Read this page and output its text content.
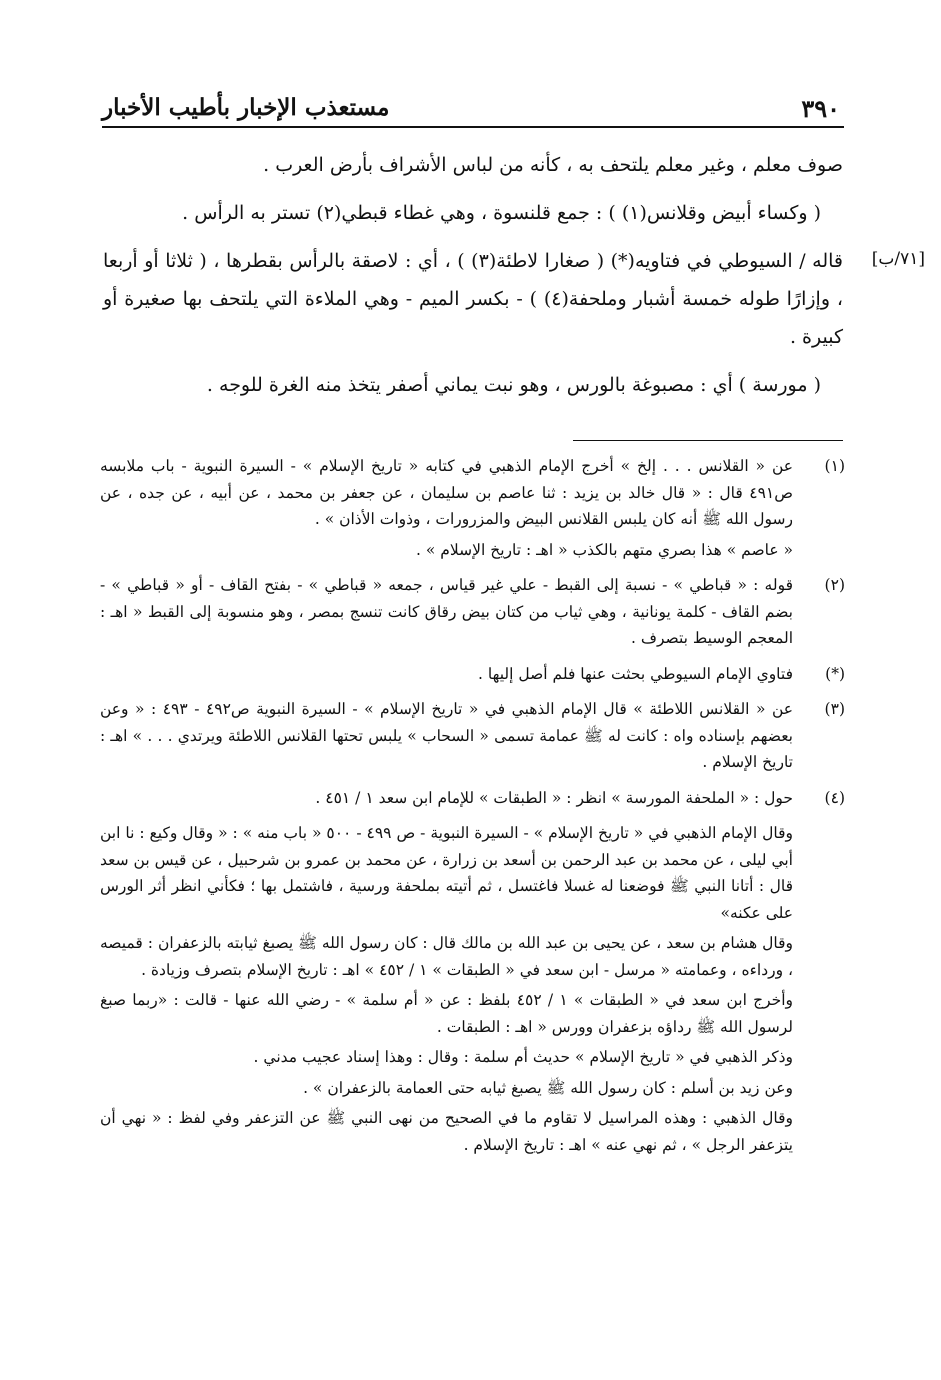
٣٩٠
مستعذب الإخبار بأطيب الأخبار
[٧١/ب]

صوف معلم ، وغير معلم يلتحف به ، كأنه من لباس الأشراف بأرض العرب .

( وكساء أبيض وقلانس(١) ) : جمع قلنسوة ، وهي غطاء قبطي(٢) تستر به الرأس .

قاله / السيوطي في فتاويه(*) ( صغارا لاطئة(٣) ) ، أي : لاصقة بالرأس بقطرها ، ( ثلاثا أو أربعا ، وإزارًا طوله خمسة أشبار وملحفة(٤) ) - بكسر الميم - وهي الملاءة التي يلتحف بها صغيرة أو كبيرة .

( مورسة ) أي : مصبوغة بالورس ، وهو نبت يماني أصفر يتخذ منه الغرة للوجه .

(١)

عن « القلانس . . . إلخ » أخرج الإمام الذهبي في كتابه « تاريخ الإسلام » - السيرة النبوية - باب ملابسه ص٤٩١ قال : « قال خالد بن يزيد : ثنا عاصم بن سليمان ، عن جعفر بن محمد ، عن أبيه ، عن جده ، عن رسول الله ﷺ أنه كان يلبس القلانس البيض والمزرورات ، وذوات الأذان » .

« عاصم » هذا بصري متهم بالكذب « اهـ : تاريخ الإسلام » .

(٢)

قوله : « قباطي » - نسبة إلى القبط - علي غير قياس ، جمعه « قباطي » - بفتح القاف - أو « قباطي » - بضم القاف - كلمة يونانية ، وهي ثياب من كتان بيض رقاق كانت تنسج بمصر ، وهو منسوبة إلى القبط « اهـ : المعجم الوسيط بتصرف .

(*)

فتاوي الإمام السيوطي بحثت عنها فلم أصل إليها .

(٣)

عن « القلانس اللاطئة » قال الإمام الذهبي في « تاريخ الإسلام » - السيرة النبوية ص٤٩٢ - ٤٩٣ : « وعن بعضهم بإسناده واه : كانت له ﷺ عمامة تسمى « السحاب » يلبس تحتها القلانس اللاطئة ويرتدي . . . » اهـ : تاريخ الإسلام .

(٤)

حول : « الملحفة المورسة » انظر : « الطبقات » للإمام ابن سعد ١ / ٤٥١ .

وقال الإمام الذهبي في « تاريخ الإسلام » - السيرة النبوية - ص ٤٩٩ - ٥٠٠ « باب منه » : « وقال وكيع : نا ابن أبي ليلى ، عن محمد بن عبد الرحمن بن أسعد بن زرارة ، عن محمد بن عمرو بن شرحبيل ، عن قيس بن سعد قال : أتانا النبي ﷺ فوضعنا له غسلا فاغتسل ، ثم أتيته بملحفة ورسية ، فاشتمل بها ؛ فكأني انظر أثر الورس على عكنه»

وقال هشام بن سعد ، عن يحيى بن عبد الله بن مالك قال : كان رسول الله ﷺ يصبغ ثيابته بالزعفران : قميصه ، ورداءه ، وعمامته « مرسل - ابن سعد في « الطبقات » ١ / ٤٥٢ » اهـ : تاريخ الإسلام بتصرف وزيادة .

وأخرج ابن سعد في « الطبقات » ١ / ٤٥٢ بلفظ : عن « أم سلمة » - رضي الله عنها - قالت : «ربما صبغ لرسول الله ﷺ رداؤه بزعفران وورس « اهـ : الطبقات .

وذكر الذهبي في « تاريخ الإسلام » حديث أم سلمة : وقال : وهذا إسناد عجيب مدني .

وعن زيد بن أسلم : كان رسول الله ﷺ يصبغ ثيابه حتى العمامة بالزعفران » .

وقال الذهبي : وهذه المراسيل لا تقاوم ما في الصحيح من نهى النبي ﷺ عن التزعفر وفي لفظ : « نهي أن يتزعفر الرجل » ، ثم نهي عنه » اهـ : تاريخ الإسلام .
